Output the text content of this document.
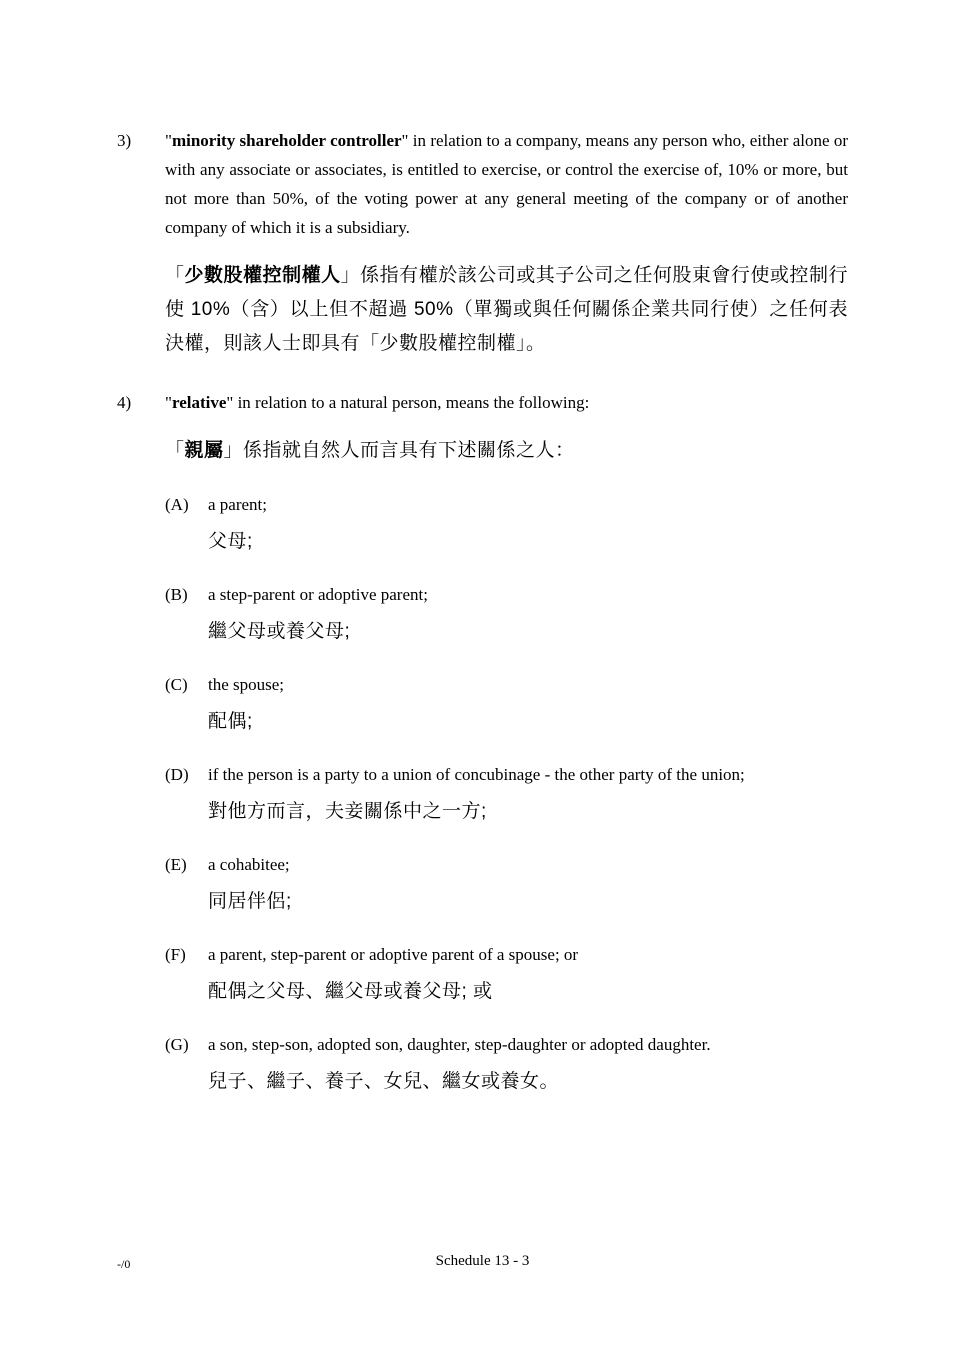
3)	"minority shareholder controller" in relation to a company, means any person who, either alone or with any associate or associates, is entitled to exercise, or control the exercise of, 10% or more, but not more than 50%, of the voting power at any general meeting of the company or of another company of which it is a subsidiary.

「少數股權控制權人」係指有權於該公司或其子公司之任何股東會行使或控制行使 10%（含）以上但不超過 50%（單獨或與任何關係企業共同行使）之任何表決權，則該人士即具有「少數股權控制權」。

4)	"relative" in relation to a natural person, means the following:

「親屬」係指就自然人而言具有下述關係之人：

(A)	a parent;

父母;

(B)	a step-parent or adoptive parent;

繼父母或養父母;

(C)	the spouse;

配偶;

(D)	if the person is a party to a union of concubinage - the other party of the union;

對他方而言，夫妾關係中之一方;

(E)	a cohabitee;

同居伴侶;

(F)	a parent, step-parent or adoptive parent of a spouse; or

配偶之父母、繼父母或養父母; 或

(G)	a son, step-son, adopted son, daughter, step-daughter or adopted daughter.

兒子、繼子、養子、女兒、繼女或養女。

-/0	Schedule 13 - 3
